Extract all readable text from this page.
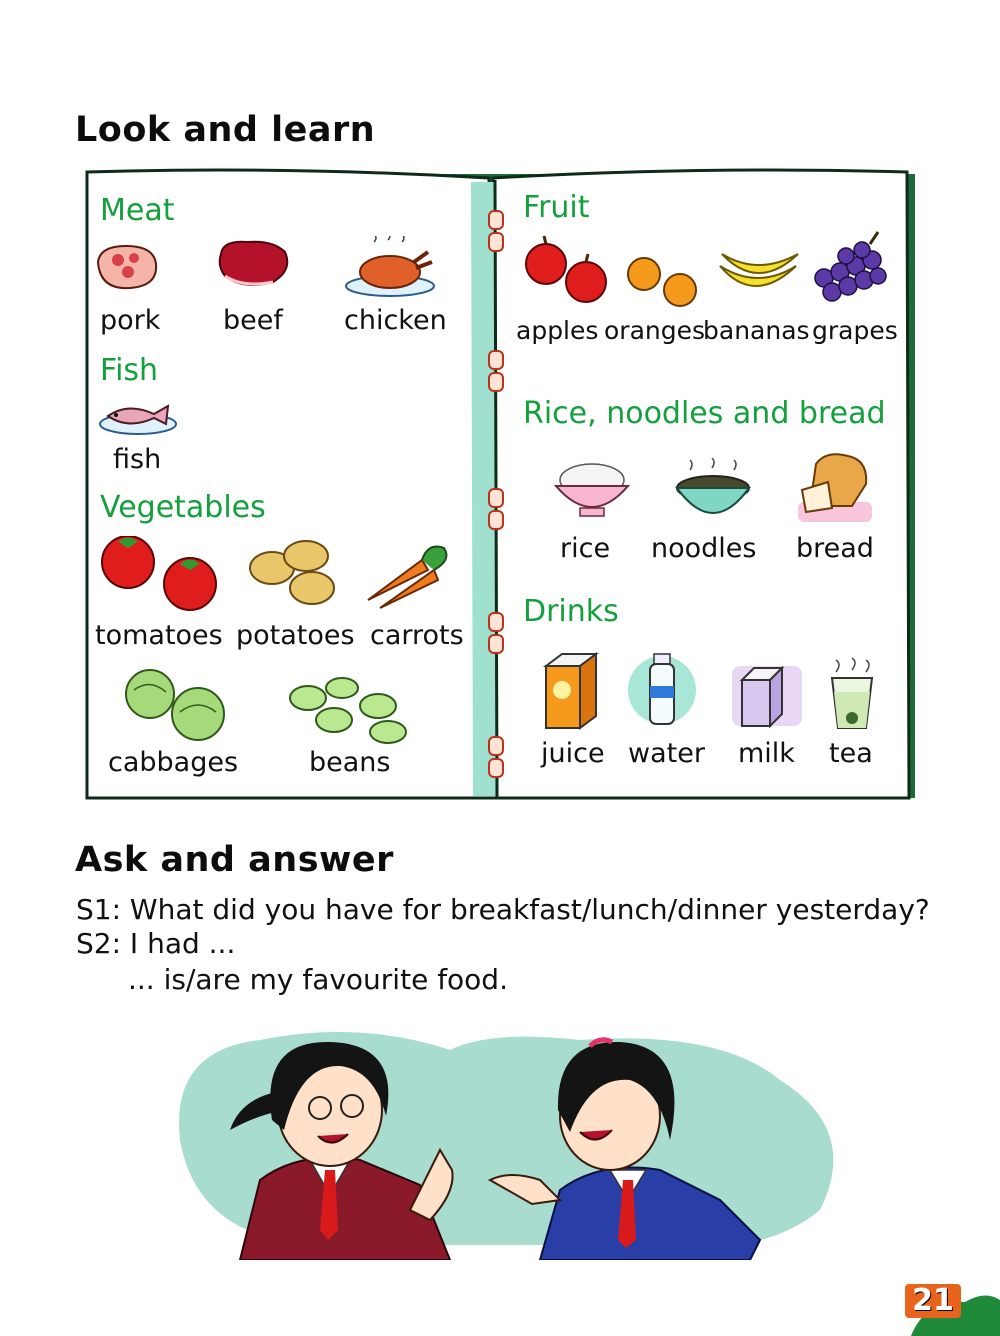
Look and learn
Meat
pork beef chicken
Fish
fish
Vegetables
tomatoes potatoes carrots
cabbages	beans
Fruit
apples oranges
bananas grapes
Rice, noodles and bread
rice noodles bread
Drinks
juice water milk tea
Ask and answer
S1: What did you have for breakfast/lunch/dinner yesterday?
S2: I had ...
... is/are my favourite food.
21
